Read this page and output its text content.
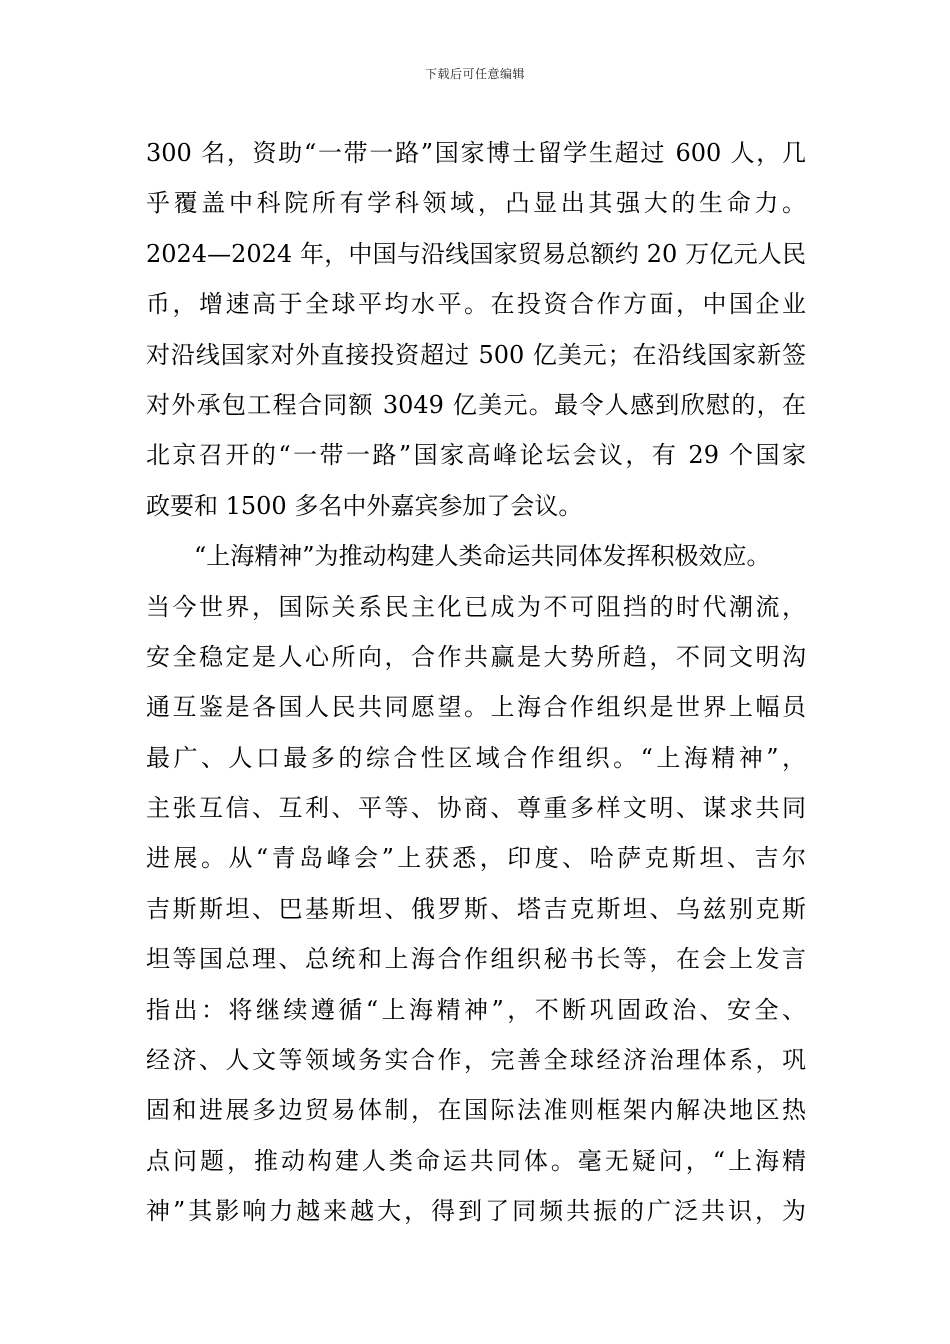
下载后可任意编辑
300 名，资助“一带一路”国家博士留学生超过 600 人，几
乎覆盖中科院所有学科领域，凸显出其强大的生命力。
2024—2024 年，中国与沿线国家贸易总额约 20 万亿元人民
币，增速高于全球平均水平。在投资合作方面，中国企业
对沿线国家对外直接投资超过 500 亿美元；在沿线国家新签
对外承包工程合同额 3049 亿美元。最令人感到欣慰的，在
北京召开的“一带一路”国家高峰论坛会议，有 29 个国家
政要和 1500 多名中外嘉宾参加了会议。
“上海精神”为推动构建人类命运共同体发挥积极效应。
当今世界，国际关系民主化已成为不可阻挡的时代潮流，
安全稳定是人心所向，合作共赢是大势所趋，不同文明沟
通互鉴是各国人民共同愿望。上海合作组织是世界上幅员
最广、人口最多的综合性区域合作组织。“上海精神”，
主张互信、互利、平等、协商、尊重多样文明、谋求共同
进展。从“青岛峰会”上获悉，印度、哈萨克斯坦、吉尔
吉斯斯坦、巴基斯坦、俄罗斯、塔吉克斯坦、乌兹别克斯
坦等国总理、总统和上海合作组织秘书长等，在会上发言
指出：将继续遵循“上海精神”，不断巩固政治、安全、
经济、人文等领域务实合作，完善全球经济治理体系，巩
固和进展多边贸易体制，在国际法准则框架内解决地区热
点问题，推动构建人类命运共同体。毫无疑问，“上海精
神”其影响力越来越大，得到了同频共振的广泛共识，为
